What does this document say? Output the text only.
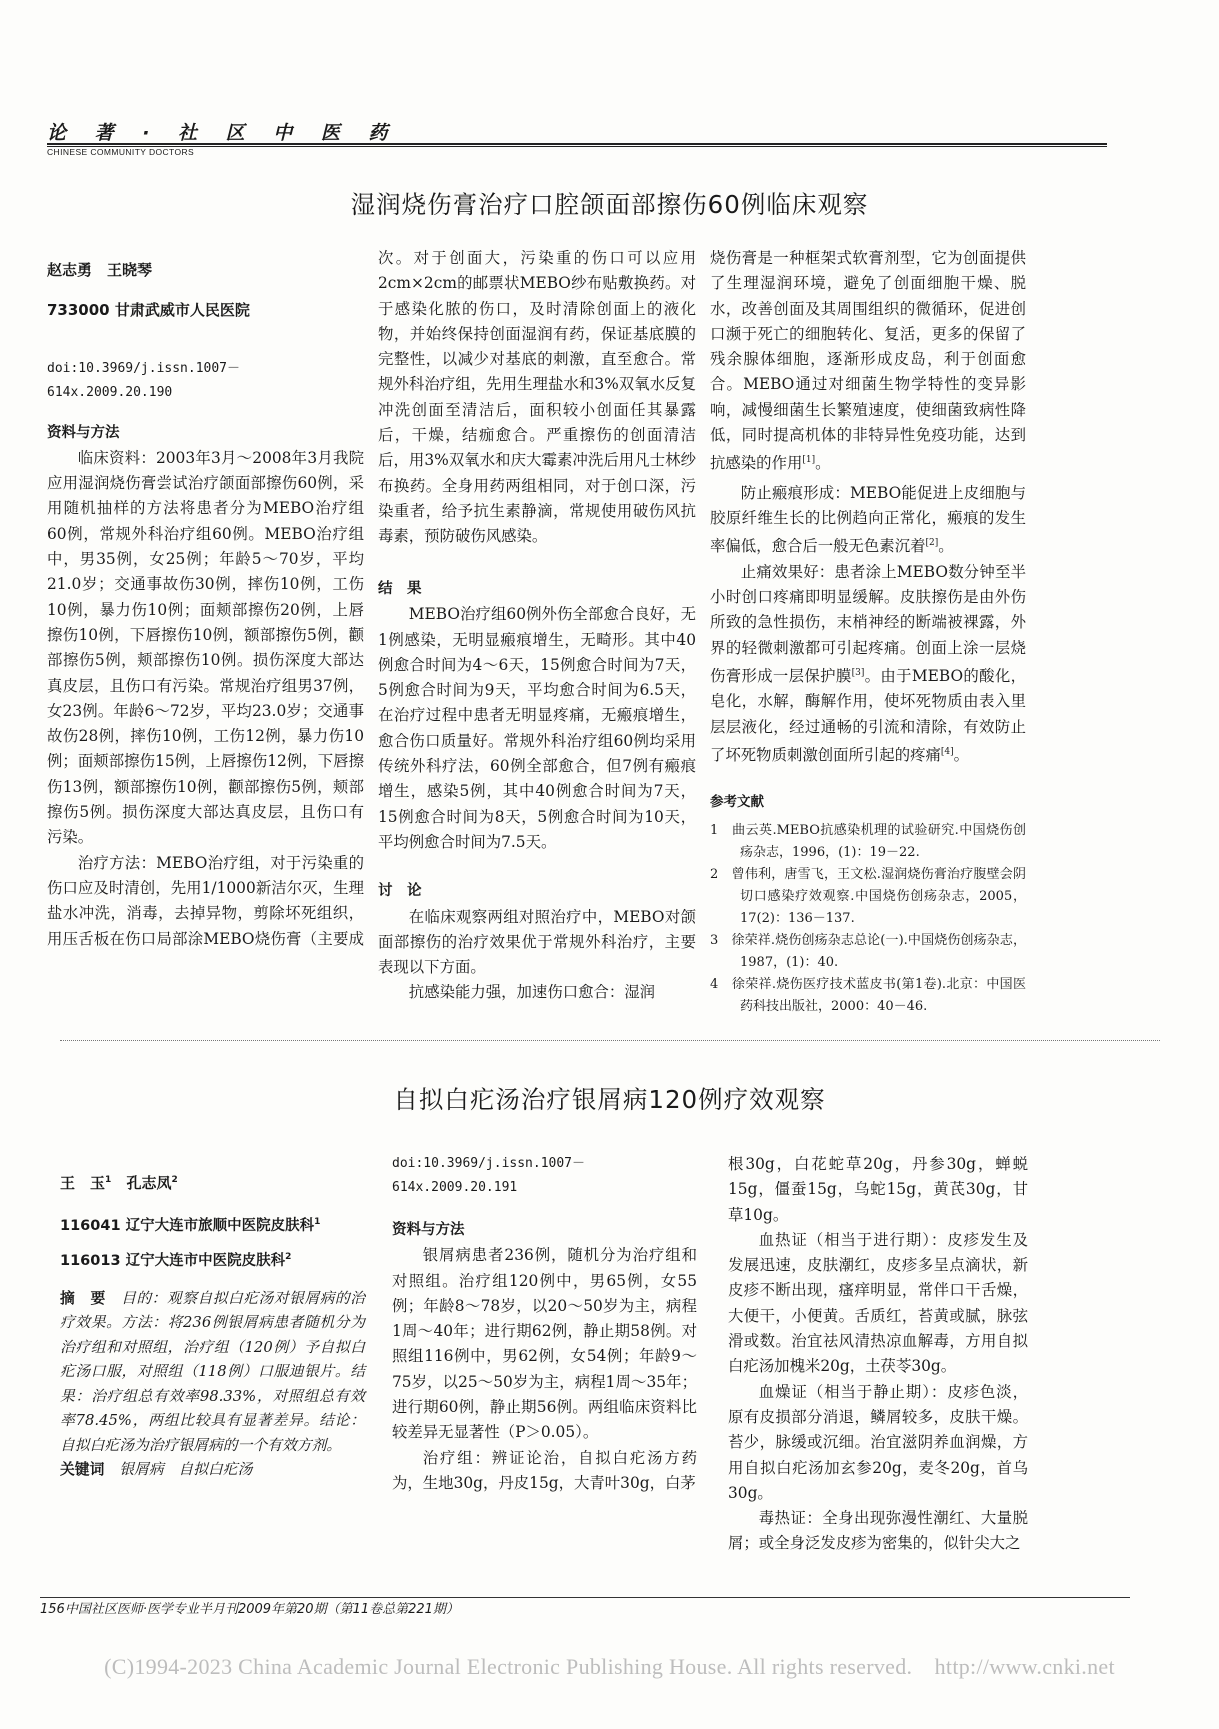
论 著 · 社 区 中 医 药
CHINESE COMMUNITY DOCTORS
湿润烧伤膏治疗口腔颌面部擦伤60例临床观察

赵志勇　王晓琴

733000 甘肃武威市人民医院

doi:10.3969/j.issn.1007－614x.2009.20.190

资料与方法

临床资料：2003年3月～2008年3月我院应用湿润烧伤膏尝试治疗颌面部擦伤60例，采用随机抽样的方法将患者分为MEBO治疗组60例，常规外科治疗组60例。MEBO治疗组中，男35例，女25例；年龄5～70岁，平均21.0岁；交通事故伤30例，摔伤10例，工伤10例，暴力伤10例；面颊部擦伤20例，上唇擦伤10例，下唇擦伤10例，额部擦伤5例，颧部擦伤5例，颊部擦伤10例。损伤深度大部达真皮层，且伤口有污染。常规治疗组男37例，女23例。年龄6～72岁，平均23.0岁；交通事故伤28例，摔伤10例，工伤12例，暴力伤10例；面颊部擦伤15例，上唇擦伤12例，下唇擦伤13例，额部擦伤10例，颧部擦伤5例，颊部擦伤5例。损伤深度大部达真皮层，且伤口有污染。

治疗方法：MEBO治疗组，对于污染重的伤口应及时清创，先用1/1000新洁尔灭，生理盐水冲洗，消毒，去掉异物，剪除坏死组织，用压舌板在伤口局部涂MEBO烧伤膏（主要成

次。对于创面大，污染重的伤口可以应用2cm×2cm的邮票状MEBO纱布贴敷换药。对于感染化脓的伤口，及时清除创面上的液化物，并始终保持创面湿润有药，保证基底膜的完整性，以减少对基底的刺激，直至愈合。常规外科治疗组，先用生理盐水和3%双氧水反复冲洗创面至清洁后，面积较小创面任其暴露后，干燥，结痂愈合。严重擦伤的创面清洁后，用3%双氧水和庆大霉素冲洗后用凡士林纱布换药。全身用药两组相同，对于创口深，污染重者，给予抗生素静滴，常规使用破伤风抗毒素，预防破伤风感染。

结　果

MEBO治疗组60例外伤全部愈合良好，无1例感染，无明显瘢痕增生，无畸形。其中40例愈合时间为4～6天，15例愈合时间为7天，5例愈合时间为9天，平均愈合时间为6.5天，在治疗过程中患者无明显疼痛，无瘢痕增生，愈合伤口质量好。常规外科治疗组60例均采用传统外科疗法，60例全部愈合，但7例有瘢痕增生，感染5例，其中40例愈合时间为7天，15例愈合时间为8天，5例愈合时间为10天，平均例愈合时间为7.5天。

讨　论

在临床观察两组对照治疗中，MEBO对颌面部擦伤的治疗效果优于常规外科治疗，主要表现以下方面。

抗感染能力强，加速伤口愈合：湿润

烧伤膏是一种框架式软膏剂型，它为创面提供了生理湿润环境，避免了创面细胞干燥、脱水，改善创面及其周围组织的微循环，促进创口濒于死亡的细胞转化、复活，更多的保留了残余腺体细胞，逐渐形成皮岛，利于创面愈合。MEBO通过对细菌生物学特性的变异影响，减慢细菌生长繁殖速度，使细菌致病性降低，同时提高机体的非特异性免疫功能，达到抗感染的作用[1]。

防止瘢痕形成：MEBO能促进上皮细胞与胶原纤维生长的比例趋向正常化，瘢痕的发生率偏低，愈合后一般无色素沉着[2]。

止痛效果好：患者涂上MEBO数分钟至半小时创口疼痛即明显缓解。皮肤擦伤是由外伤所致的急性损伤，末梢神经的断端被裸露，外界的轻微刺激都可引起疼痛。创面上涂一层烧伤膏形成一层保护膜[3]。由于MEBO的酸化，皂化，水解，酶解作用，使坏死物质由表入里层层液化，经过通畅的引流和清除，有效防止了坏死物质刺激创面所引起的疼痛[4]。

参考文献

1　曲云英.MEBO抗感染机理的试验研究.中国烧伤创疡杂志，1996，(1)：19－22.

2　曾伟利，唐雪飞，王文松.湿润烧伤膏治疗腹壁会阴切口感染疗效观察.中国烧伤创疡杂志，2005，17(2)：136－137.

3　徐荣祥.烧伤创疡杂志总论(一).中国烧伤创疡杂志，1987，(1)：40.

4　徐荣祥.烧伤医疗技术蓝皮书(第1卷).北京：中国医药科技出版社，2000：40－46.

自拟白疕汤治疗银屑病120例疗效观察

王　玉$^1$ 孔志凤$^2$

116041 辽宁大连市旅顺中医院皮肤科$^1$

116013 辽宁大连市中医院皮肤科$^2$

摘　要　 目的：观察自拟白疕汤对银屑病的治疗效果。方法：将236例银屑病患者随机分为治疗组和对照组，治疗组（120例）予自拟白疕汤口服，对照组（118例）口服迪银片。结果：治疗组总有效率98.33%，对照组总有效率78.45%，两组比较具有显著差异。结论：自拟白疕汤为治疗银屑病的一个有效方剂。

关键词　 银屑病　自拟白疕汤

doi:10.3969/j.issn.1007－614x.2009.20.191

资料与方法

银屑病患者236例，随机分为治疗组和对照组。治疗组120例中，男65例，女55例；年龄8～78岁，以20～50岁为主，病程1周～40年；进行期62例，静止期58例。对照组116例中，男62例，女54例；年龄9～75岁，以25～50岁为主，病程1周～35年；进行期60例，静止期56例。两组临床资料比较差异无显著性（P＞0.05）。

治疗组：辨证论治，自拟白疕汤方药为，生地30g，丹皮15g，大青叶30g，白茅

根30g，白花蛇草20g，丹参30g，蝉蜕15g，僵蚕15g，乌蛇15g，黄芪30g，甘草10g。

血热证（相当于进行期）：皮疹发生及发展迅速，皮肤潮红，皮疹多呈点滴状，新皮疹不断出现，瘙痒明显，常伴口干舌燥，大便干，小便黄。舌质红，苔黄或腻，脉弦滑或数。治宜祛风清热凉血解毒，方用自拟白疕汤加槐米20g，土茯苓30g。

血燥证（相当于静止期）：皮疹色淡，原有皮损部分消退，鳞屑较多，皮肤干燥。苔少，脉缓或沉细。治宜滋阴养血润燥，方用自拟白疕汤加玄参20g，麦冬20g，首乌30g。

毒热证：全身出现弥漫性潮红、大量脱屑；或全身泛发皮疹为密集的，似针尖大之

156中国社区医师·医学专业半月刊2009年第20期（第11卷总第221期）
(C)1994-2023 China Academic Journal Electronic Publishing House. All rights reserved.　http://www.cnki.net
